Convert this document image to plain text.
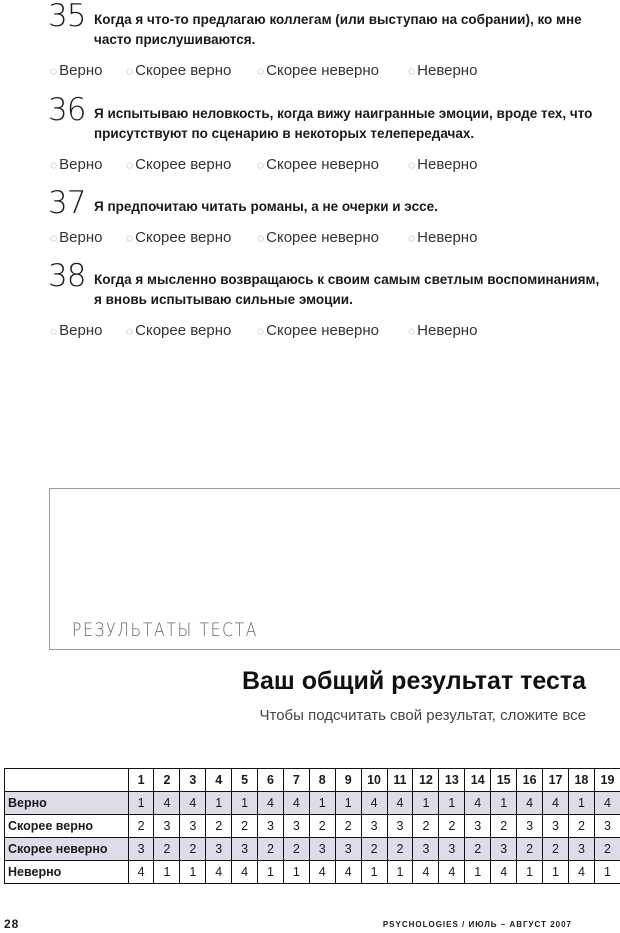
35 Когда я что-то предлагаю коллегам (или выступаю на собрании), ко мне часто прислушиваются.
◌ Верно ◌ Скорее верно ◌ Скорее неверно ◌ Неверно
36 Я испытываю неловкость, когда вижу наигранные эмоции, вроде тех, что присутствуют по сценарию в некоторых телепередачах.
◌ Верно ◌ Скорее верно ◌ Скорее неверно ◌ Неверно
37 Я предпочитаю читать романы, а не очерки и эссе.
◌ Верно ◌ Скорее верно ◌ Скорее неверно ◌ Неверно
38 Когда я мысленно возвращаюсь к своим самым светлым воспоминаниям, я вновь испытываю сильные эмоции.
◌ Верно ◌ Скорее верно ◌ Скорее неверно ◌ Неверно
РЕЗУЛЬТАТЫ ТЕСТА
Ваш общий результат теста
Чтобы подсчитать свой результат, сложите все
	1	2	3	4	5	6	7	8	9	10	11	12	13	14	15	16	17	18	19
Верно	1	4	4	1	1	4	4	1	1	4	4	1	1	4	1	4	4	1	4
Скорее верно	2	3	3	2	2	3	3	2	2	3	3	2	2	3	2	3	3	2	3
Скорее неверно	3	2	2	3	3	2	2	3	3	2	2	3	3	2	3	2	2	3	2
Неверно	4	1	1	4	4	1	1	4	4	1	1	4	4	1	4	1	1	4	1
28	PSYCHOLOGIES / ИЮЛЬ – АВГУСТ 2007
